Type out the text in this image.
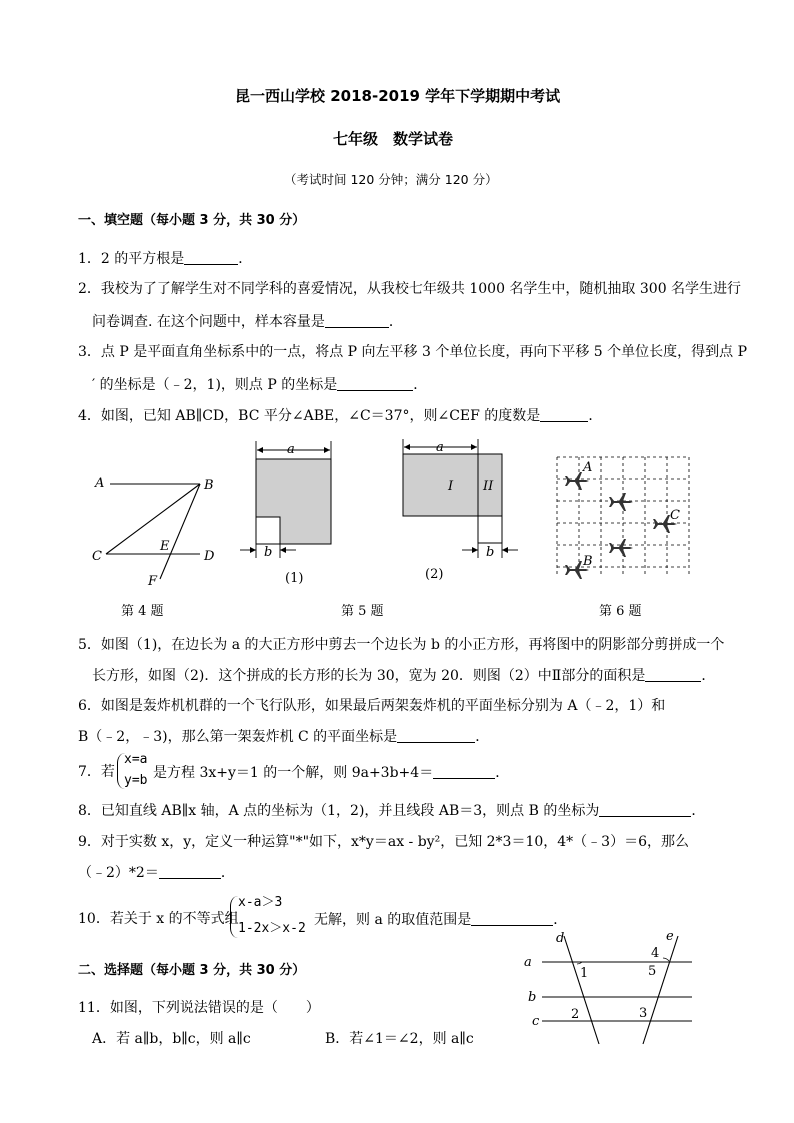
昆一西山学校 2018-2019 学年下学期期中考试
七年级　数学试卷
（考试时间 120 分钟；满分 120 分）
一、填空题（每小题 3 分，共 30 分）
1．2 的平方根是	．
2．我校为了了解学生对不同学科的喜爱情况，从我校七年级共 1000 名学生中，随机抽取 300 名学生进行
问卷调查. 在这个问题中，样本容量是	．
3．点 P 是平面直角坐标系中的一点，将点 P 向左平移 3 个单位长度，再向下平移 5 个单位长度，得到点 P
′ 的坐标是（﹣2，1)，则点 P 的坐标是	．
4．如图，已知 AB∥CD，BC 平分∠ABE，∠C＝37°，则∠CEF 的度数是	．
A	B
C	D
E
F
a
b
(1)
a
I II
b
(2)
A
C
B
第 4 题	第 5 题	第 6 题
5．如图（1)，在边长为 a 的大正方形中剪去一个边长为 b 的小正方形，再将图中的阴影部分剪拼成一个
长方形，如图（2)．这个拼成的长方形的长为 30，宽为 20．则图（2）中Ⅱ部分的面积是	．
6．如图是轰炸机机群的一个飞行队形，如果最后两架轰炸机的平面坐标分别为 A（﹣2，1）和
B（﹣2，﹣3)，那么第一架轰炸机 C 的平面坐标是	．
7．若
x=a
y=b 是方程 3x+y＝1 的一个解，则 9a+3b+4＝	．
8．已知直线 AB∥x 轴，A 点的坐标为（1，2)，并且线段 AB＝3，则点 B 的坐标为	．
9．对于实数 x，y，定义一种运算"*"如下，x*y＝ax - by²，已知 2*3＝10，4*（﹣3）＝6，那么
（﹣2）*2＝	．
10．若关于 x 的不等式组
x-a＞3
1-2x＞x-2
无解，则 a 的取值范围是	．
二、选择题（每小题 3 分，共 30 分）
11．如图，下列说法错误的是（　　）
A．若 a∥b，b∥c，则 a∥c	B．若∠1＝∠2，则 a∥c
a
b
c
d	e
1
2	3
4
5
